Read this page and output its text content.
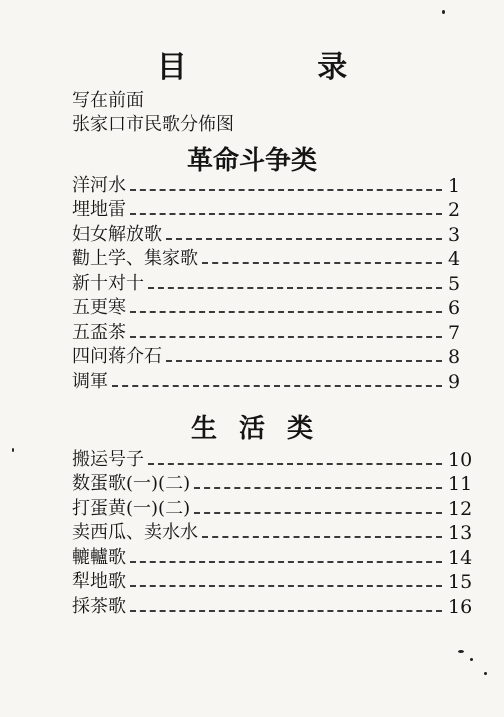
目 录
写在前面
张家口市民歌分佈图
革命斗争类
洋河水	1
埋地雷	2
妇女解放歌	3
勸上学、集家歌	4
新十对十	5
五更寒	6
五盃茶	7
四问蒋介石	8
调軍	9
生活类
搬运号子	10
数蛋歌(一)(二)	11
打蛋黄(一)(二)	12
卖西瓜、卖水水	13
轆轤歌	14
犁地歌	15
採茶歌	16
